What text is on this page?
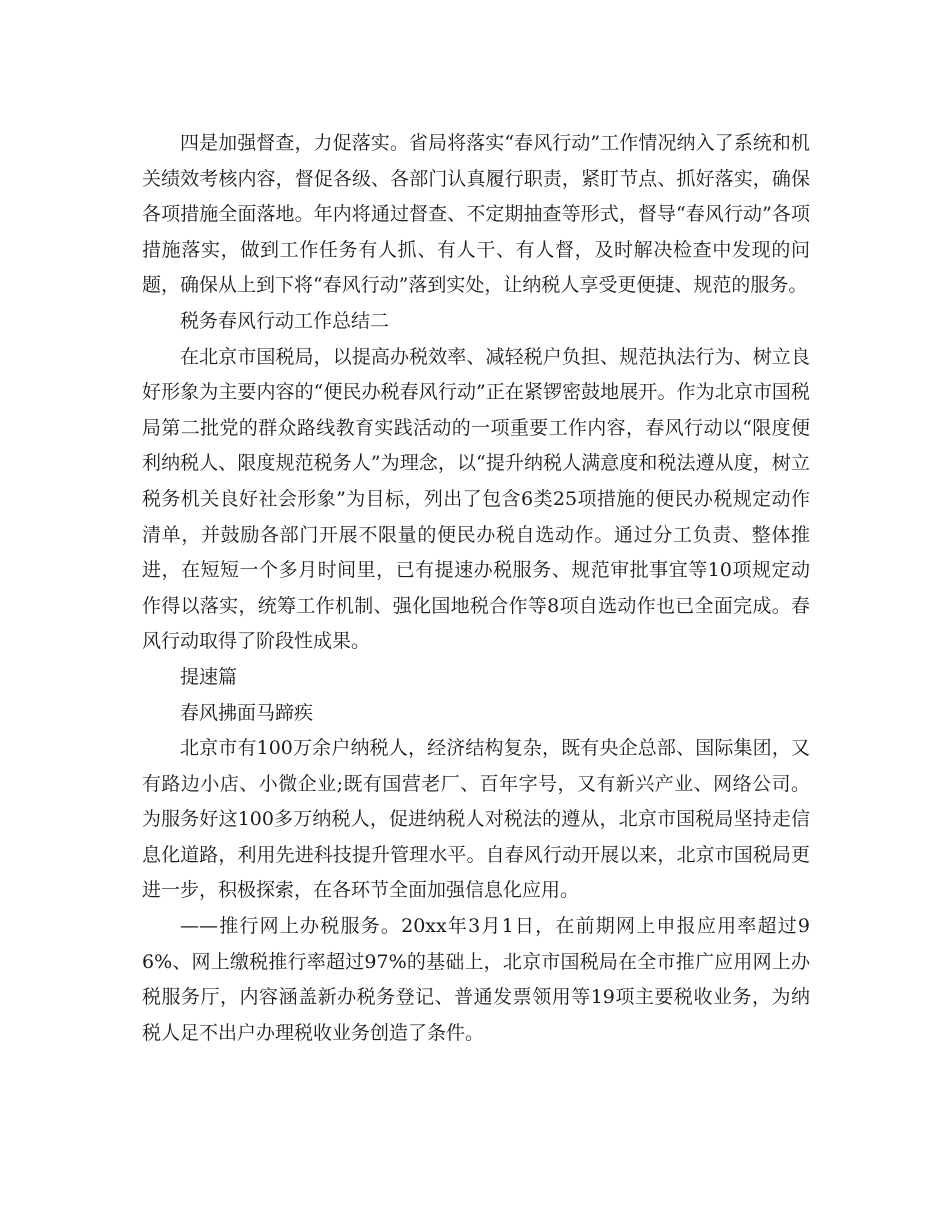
四是加强督查，力促落实。省局将落实“春风行动”工作情况纳入了系统和机关绩效考核内容，督促各级、各部门认真履行职责，紧盯节点、抓好落实，确保各项措施全面落地。年内将通过督查、不定期抽查等形式，督导“春风行动”各项措施落实，做到工作任务有人抓、有人干、有人督，及时解决检查中发现的问题，确保从上到下将“春风行动”落到实处，让纳税人享受更便捷、规范的服务。

税务春风行动工作总结二

在北京市国税局，以提高办税效率、减轻税户负担、规范执法行为、树立良好形象为主要内容的“便民办税春风行动”正在紧锣密鼓地展开。作为北京市国税局第二批党的群众路线教育实践活动的一项重要工作内容，春风行动以“限度便利纳税人、限度规范税务人”为理念，以“提升纳税人满意度和税法遵从度，树立税务机关良好社会形象”为目标，列出了包含6类25项措施的便民办税规定动作清单，并鼓励各部门开展不限量的便民办税自选动作。通过分工负责、整体推进，在短短一个多月时间里，已有提速办税服务、规范审批事宜等10项规定动作得以落实，统筹工作机制、强化国地税合作等8项自选动作也已全面完成。春风行动取得了阶段性成果。

提速篇

春风拂面马蹄疾

北京市有100万余户纳税人，经济结构复杂，既有央企总部、国际集团，又有路边小店、小微企业;既有国营老厂、百年字号，又有新兴产业、网络公司。为服务好这100多万纳税人，促进纳税人对税法的遵从，北京市国税局坚持走信息化道路，利用先进科技提升管理水平。自春风行动开展以来，北京市国税局更进一步，积极探索，在各环节全面加强信息化应用。

——推行网上办税服务。20xx年3月1日，在前期网上申报应用率超过96%、网上缴税推行率超过97%的基础上，北京市国税局在全市推广应用网上办税服务厅，内容涵盖新办税务登记、普通发票领用等19项主要税收业务，为纳税人足不出户办理税收业务创造了条件。
